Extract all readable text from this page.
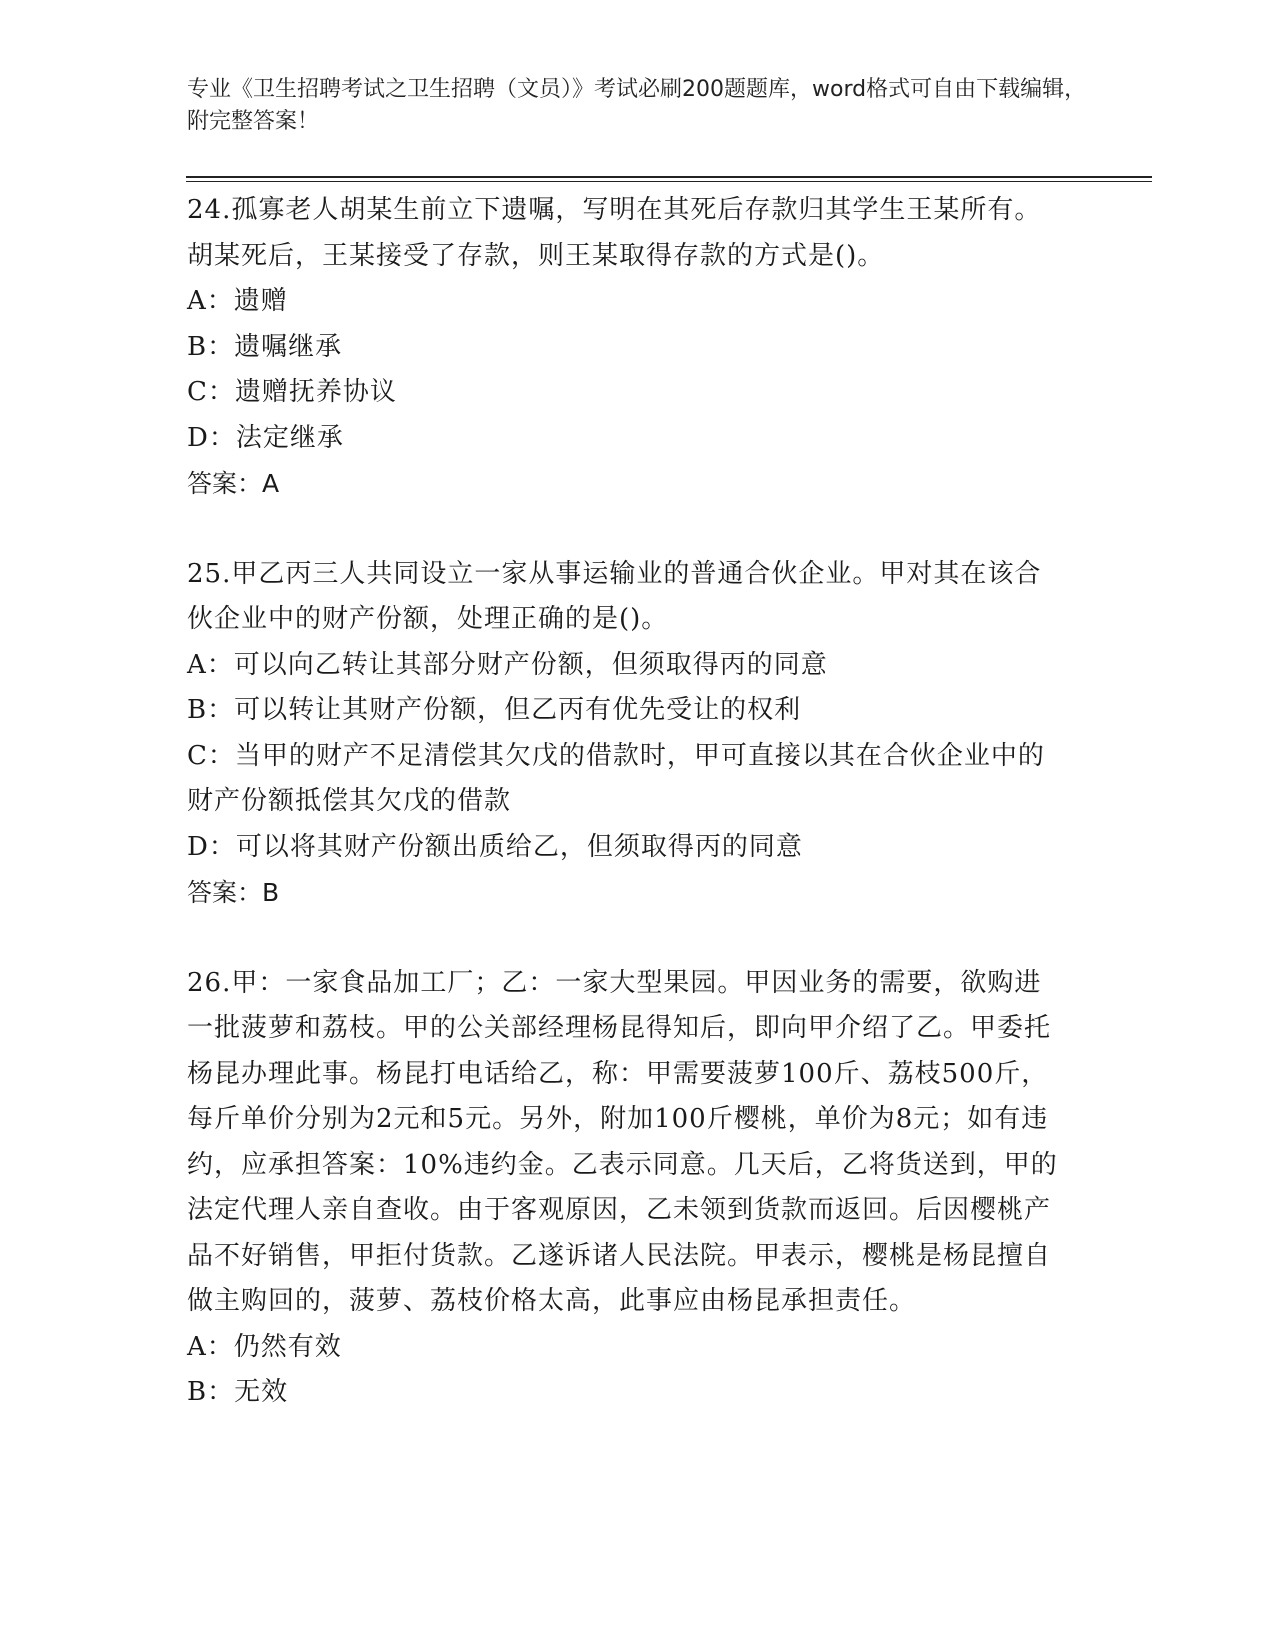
专业《卫生招聘考试之卫生招聘（文员）》考试必刷200题题库，word格式可自由下载编辑，附完整答案！

24.孤寡老人胡某生前立下遗嘱，写明在其死后存款归其学生王某所有。胡某死后，王某接受了存款，则王某取得存款的方式是()。

A：遗赠

B：遗嘱继承

C：遗赠抚养协议

D：法定继承

答案：A

25.甲乙丙三人共同设立一家从事运输业的普通合伙企业。甲对其在该合伙企业中的财产份额，处理正确的是()。

A：可以向乙转让其部分财产份额，但须取得丙的同意

B：可以转让其财产份额，但乙丙有优先受让的权利

C：当甲的财产不足清偿其欠戊的借款时，甲可直接以其在合伙企业中的财产份额抵偿其欠戊的借款

D：可以将其财产份额出质给乙，但须取得丙的同意

答案：B

26.甲：一家食品加工厂；乙：一家大型果园。甲因业务的需要，欲购进一批菠萝和荔枝。甲的公关部经理杨昆得知后，即向甲介绍了乙。甲委托杨昆办理此事。杨昆打电话给乙，称：甲需要菠萝100斤、荔枝500斤，每斤单价分别为2元和5元。另外，附加100斤樱桃，单价为8元；如有违约，应承担答案：10%违约金。乙表示同意。几天后，乙将货送到，甲的法定代理人亲自查收。由于客观原因，乙未领到货款而返回。后因樱桃产品不好销售，甲拒付货款。乙遂诉诸人民法院。甲表示，樱桃是杨昆擅自做主购回的，菠萝、荔枝价格太高，此事应由杨昆承担责任。

A：仍然有效

B：无效
